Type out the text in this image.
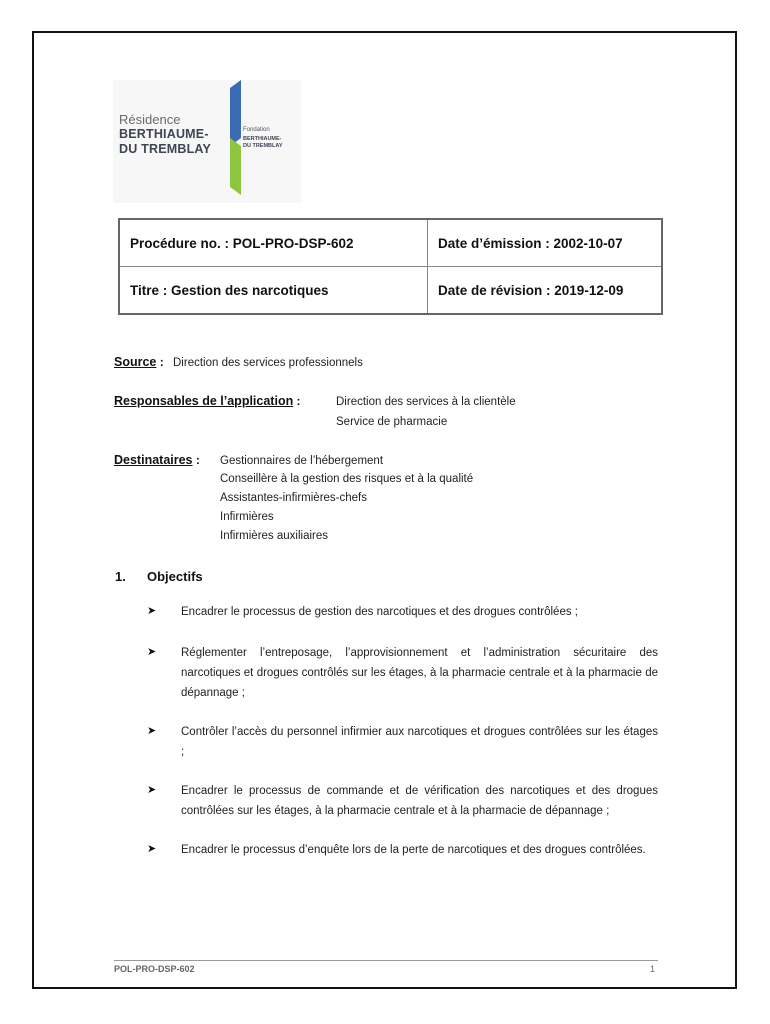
Résidence
BERTHIAUME-
DU TREMBLAY
Fondation
BERTHIAUME-
DU TREMBLAY
Procédure no. : POL-PRO-DSP-602	Date d’émission : 2002-10-07
Titre : Gestion des narcotiques	Date de révision : 2019-12-09
Source : Direction des services professionnels
Responsables de l’application :	Direction des services à la clientèle
Service de pharmacie
Destinataires : Gestionnaires de l’hébergement
Conseillère à la gestion des risques et à la qualité
Assistantes-infirmières-chefs
Infirmières
Infirmières auxiliaires
1. Objectifs
➤ Encadrer le processus de gestion des narcotiques et des drogues contrôlées ;
➤ Réglementer l’entreposage, l’approvisionnement et l’administration sécuritaire des narcotiques et drogues contrôlés sur les étages, à la pharmacie centrale et à la pharmacie de dépannage ;
➤ Contrôler l’accès du personnel infirmier aux narcotiques et drogues contrôlées sur les étages ;
➤ Encadrer le processus de commande et de vérification des narcotiques et des drogues contrôlées sur les étages, à la pharmacie centrale et à la pharmacie de dépannage ;
➤ Encadrer le processus d’enquête lors de la perte de narcotiques et des drogues contrôlées.
POL-PRO-DSP-602	1
